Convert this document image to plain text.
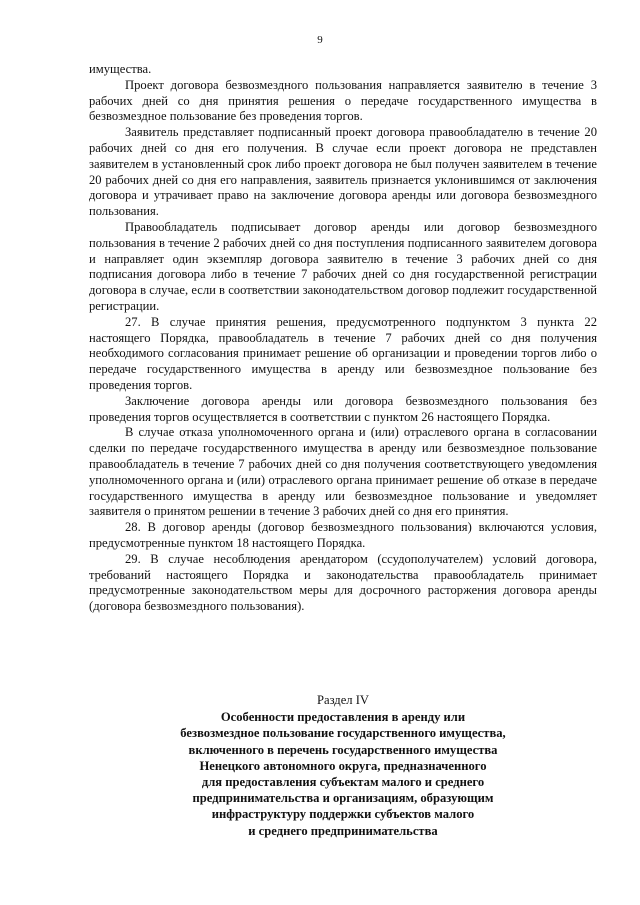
9

имущества.

Проект договора безвозмездного пользования направляется заявителю в течение 3 рабочих дней со дня принятия решения о передаче государственного имущества в безвозмездное пользование без проведения торгов.

Заявитель представляет подписанный проект договора правообладателю в течение 20 рабочих дней со дня его получения. В случае если проект договора не представлен заявителем в установленный срок либо проект договора не был получен заявителем в течение 20 рабочих дней со дня его направления, заявитель признается уклонившимся от заключения договора и утрачивает право на заключение договора аренды или договора безвозмездного пользования.

Правообладатель подписывает договор аренды или договор безвозмездного пользования в течение 2 рабочих дней со дня поступления подписанного заявителем договора и направляет один экземпляр договора заявителю в течение 3 рабочих дней со дня подписания договора либо в течение 7 рабочих дней со дня государственной регистрации договора в случае, если в соответствии законодательством договор подлежит государственной регистрации.

27. В случае принятия решения, предусмотренного подпунктом 3 пункта 22 настоящего Порядка, правообладатель в течение 7 рабочих дней со дня получения необходимого согласования принимает решение об организации и проведении торгов либо о передаче государственного имущества в аренду или безвозмездное пользование без проведения торгов.

Заключение договора аренды или договора безвозмездного пользования без проведения торгов осуществляется в соответствии с пунктом 26 настоящего Порядка.

В случае отказа уполномоченного органа и (или) отраслевого органа в согласовании сделки по передаче государственного имущества в аренду или безвозмездное пользование правообладатель в течение 7 рабочих дней со дня получения соответствующего уведомления уполномоченного органа и (или) отраслевого органа принимает решение об отказе в передаче государственного имущества в аренду или безвозмездное пользование и уведомляет заявителя о принятом решении в течение 3 рабочих дней со дня его принятия.

28. В договор аренды (договор безвозмездного пользования) включаются условия, предусмотренные пунктом 18 настоящего Порядка.

29. В случае несоблюдения арендатором (ссудополучателем) условий договора, требований настоящего Порядка и законодательства правообладатель принимает предусмотренные законодательством меры для досрочного расторжения договора аренды (договора безвозмездного пользования).

Раздел IV
Особенности предоставления в аренду или
безвозмездное пользование государственного имущества,
включенного в перечень государственного имущества
Ненецкого автономного округа, предназначенного
для предоставления субъектам малого и среднего
предпринимательства и организациям, образующим
инфраструктуру поддержки субъектов малого
и среднего предпринимательства
